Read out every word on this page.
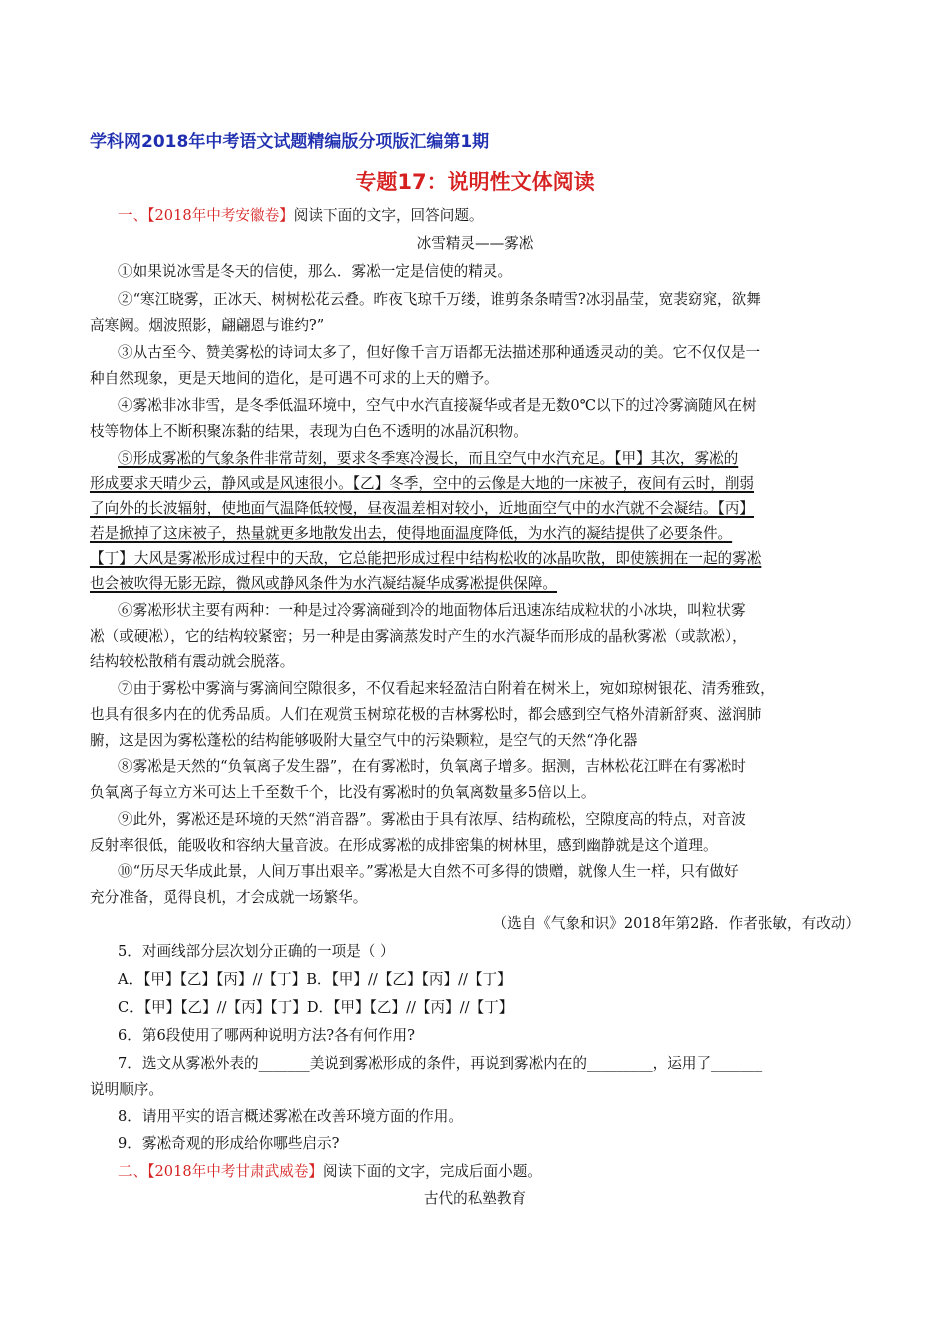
学科网2018年中考语文试题精编版分项版汇编第1期
专题17：说明性文体阅读
一、【2018年中考安徽卷】阅读下面的文字，回答问题。
冰雪精灵——雾凇
①如果说冰雪是冬天的信使，那么．雾凇一定是信使的精灵。
②“寒江晓雾，正冰天、树树松花云叠。昨夜飞琼千万缕，谁剪条条晴雪?冰羽晶莹，宽裴窈窕，欲舞
高寒阙。烟波照影，翩翩恩与谁约?”
③从古至今、赞美雾松的诗词太多了，但好像千言万语都无法描述那种通透灵动的美。它不仅仅是一
种自然现象，更是天地间的造化，是可遇不可求的上天的赠予。
④雾凇非冰非雪，是冬季低温环境中，空气中水汽直接凝华或者是无数0℃以下的过冷雾滴随风在树
枝等物体上不断积聚冻黏的结果，表现为白色不透明的冰晶沉积物。
⑤形成雾凇的气象条件非常苛刻，要求冬季寒冷漫长，而且空气中水汽充足。【甲】其次，雾凇的
形成要求天晴少云，静风或是风速很小。【乙】冬季，空中的云像是大地的一床被子，夜间有云时，削弱
了向外的长波辐射，使地面气温降低较慢，昼夜温差相对较小，近地面空气中的水汽就不会凝结。【丙】
若是掀掉了这床被子，热量就更多地散发出去，使得地面温度降低，为水汽的凝结提供了必要条件。
【丁】大风是雾凇形成过程中的天敌，它总能把形成过程中结构松收的冰晶吹散，即使簇拥在一起的雾凇
也会被吹得无影无踪，微风或静风条件为水汽凝结凝华成雾凇提供保障。
⑥雾凇形状主要有两种：一种是过冷雾滴碰到冷的地面物体后迅速冻结成粒状的小冰块，叫粒状雾
凇（或硬凇），它的结构较紧密；另一种是由雾滴蒸发时产生的水汽凝华而形成的晶秋雾凇（或款凇），
结构较松散稍有震动就会脱落。
⑦由于雾松中雾滴与雾滴间空隙很多，不仅看起来轻盈洁白附着在树米上，宛如琼树银花、清秀雅致，
也具有很多内在的优秀品质。人们在观赏玉树琼花极的吉林雾松时，都会感到空气格外清新舒爽、滋润肺
腑，这是因为雾松蓬松的结构能够吸附大量空气中的污染颗粒，是空气的天然“净化器
⑧雾凇是天然的“负氧离子发生器”，在有雾凇时，负氧离子增多。据测，吉林松花江畔在有雾凇时
负氧离子每立方米可达上千至数千个，比没有雾凇时的负氧离数量多5倍以上。
⑨此外，雾凇还是环境的天然“消音器”。雾凇由于具有浓厚、结构疏松，空隙度高的特点，对音波
反射率很低，能吸收和容纳大量音波。在形成雾凇的成排密集的树林里，感到幽静就是这个道理。
⑩“历尽天华成此景，人间万事出艰辛。”雾凇是大自然不可多得的馈赠，就像人生一样，只有做好
充分准备，觅得良机，才会成就一场繁华。
（选自《气象和识》2018年第2路．作者张敏，有改动）
5．对画线部分层次划分正确的一项是（ ）
A．【甲】【乙】【丙】//【丁】B．【甲】//【乙】【丙】//【丁】
C．【甲】【乙】//【丙】【丁】D．【甲】【乙】//【丙】//【丁】
6．第6段使用了哪两种说明方法?各有何作用?
7．选文从雾凇外表的_______美说到雾凇形成的条件，再说到雾凇内在的_________，运用了_______
说明顺序。
8．请用平实的语言概述雾凇在改善环境方面的作用。
9．雾凇奇观的形成给你哪些启示?
二、【2018年中考甘肃武威卷】阅读下面的文字，完成后面小题。
古代的私塾教育
